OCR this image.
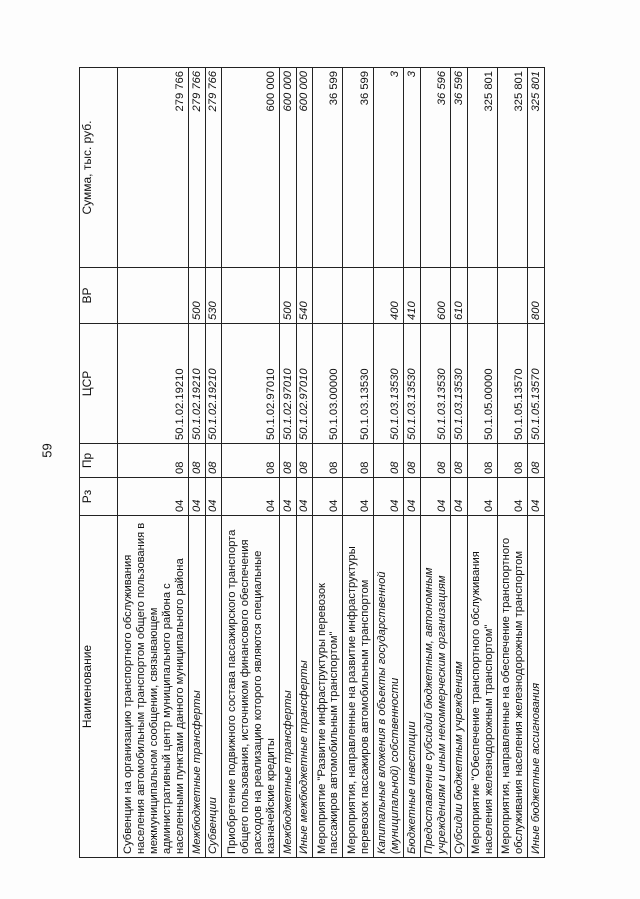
59
Наименование	Рз	Пр	ЦСР	ВР	Сумма, тыс. руб.
Субвенции на организацию транспортного обслуживания населения автомобильным транспортом общего пользования в межмуниципальном сообщении, связывающем административный центр муниципального района с населенными пунктами данного муниципального района	04	08	50.1.02.19210		279 766
Межбюджетные трансферты	04	08	50.1.02.19210	500	279 766
Субвенции	04	08	50.1.02.19210	530	279 766
Приобретение подвижного состава пассажирского транспорта общего пользования, источником финансового обеспечения расходов на реализацию которого являются специальные казначейские кредиты	04	08	50.1.02.97010		600 000
Межбюджетные трансферты	04	08	50.1.02.97010	500	600 000
Иные межбюджетные трансферты	04	08	50.1.02.97010	540	600 000
Мероприятие "Развитие инфраструктуры перевозок пассажиров автомобильным транспортом"	04	08	50.1.03.00000		36 599
Мероприятия, направленные на развитие инфраструктуры перевозок пассажиров автомобильным транспортом	04	08	50.1.03.13530		36 599
Капитальные вложения в объекты государственной (муниципальной) собственности	04	08	50.1.03.13530	400	3
Бюджетные инвестиции	04	08	50.1.03.13530	410	3
Предоставление субсидий бюджетным, автономным учреждениям и иным некоммерческим организациям	04	08	50.1.03.13530	600	36 596
Субсидии бюджетным учреждениям	04	08	50.1.03.13530	610	36 596
Мероприятие "Обеспечение транспортного обслуживания населения железнодорожным транспортом"	04	08	50.1.05.00000		325 801
Мероприятия, направленные на обеспечение транспортного обслуживания населения железнодорожным транспортом	04	08	50.1.05.13570		325 801
Иные бюджетные ассигнования	04	08	50.1.05.13570	800	325 801
